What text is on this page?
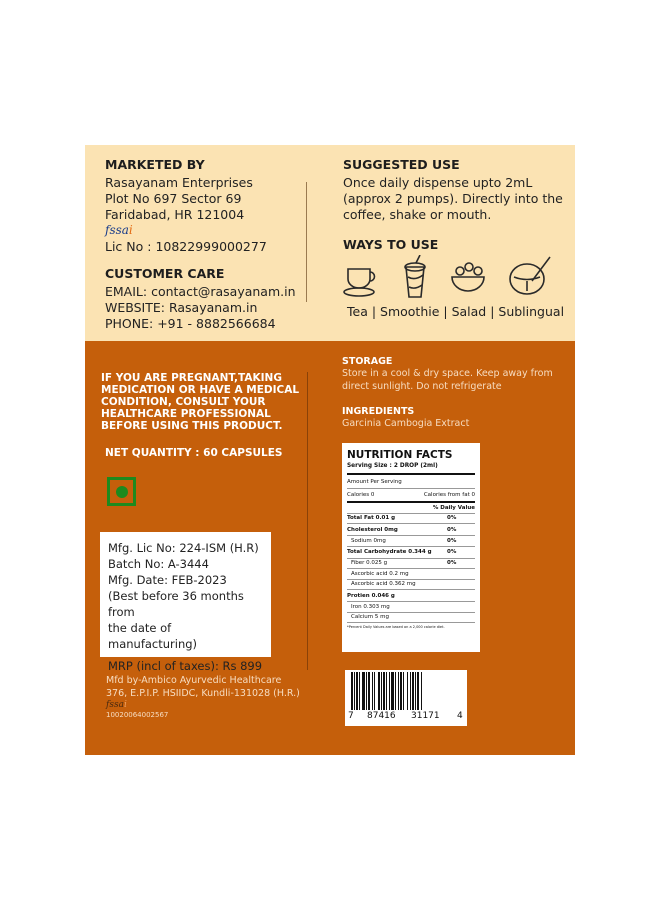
MARKETED BY
Rasayanam Enterprises
Plot No 697 Sector 69
Faridabad, HR 121004
fssai
Lic No : 10822999000277
CUSTOMER CARE
EMAIL: contact@rasayanam.in
WEBSITE: Rasayanam.in
PHONE: +91 - 8882566684
SUGGESTED USE
Once daily dispense upto 2mL
(approx 2 pumps). Directly into the
coffee, shake or mouth.
WAYS TO USE
Tea | Smoothie | Salad | Sublingual
IF YOU ARE PREGNANT,TAKING
MEDICATION OR HAVE A MEDICAL
CONDITION, CONSULT YOUR
HEALTHCARE PROFESSIONAL
BEFORE USING THIS PRODUCT.
NET QUANTITY : 60 CAPSULES
Mfg. Lic No: 224-ISM (H.R)
Batch No: A-3444
Mfg. Date: FEB-2023
(Best before 36 months from
the date of manufacturing)
MRP (incl of taxes): Rs 899
Mfd by-Ambico Ayurvedic Healthcare
376, E.P.I.P. HSIIDC, Kundli-131028 (H.R.)
fssai
10020064002567
STORAGE
Store in a cool & dry space. Keep away from
direct sunlight. Do not refrigerate
INGREDIENTS
Garcinia Cambogia Extract
NUTRITION FACTS
Serving Size : 2 DROP (2ml)
Amount Per Serving
Calories 0	Calories from fat 0
% Daily Value
Total Fat 0.01 g	0%
Cholesterol 0mg	0%
Sodium 0mg	0%
Total Carbohydrate 0.344 g	0%
Fiber 0.025 g	0%
Ascorbic acid 0.2 mg
Ascorbic acid 0.362 mg
Protien 0.046 g
Iron 0.303 mg
Calcium 5 mg
*Percent Daily Values are based on a 2,000 calorie diet.
7 87416 31171 4
